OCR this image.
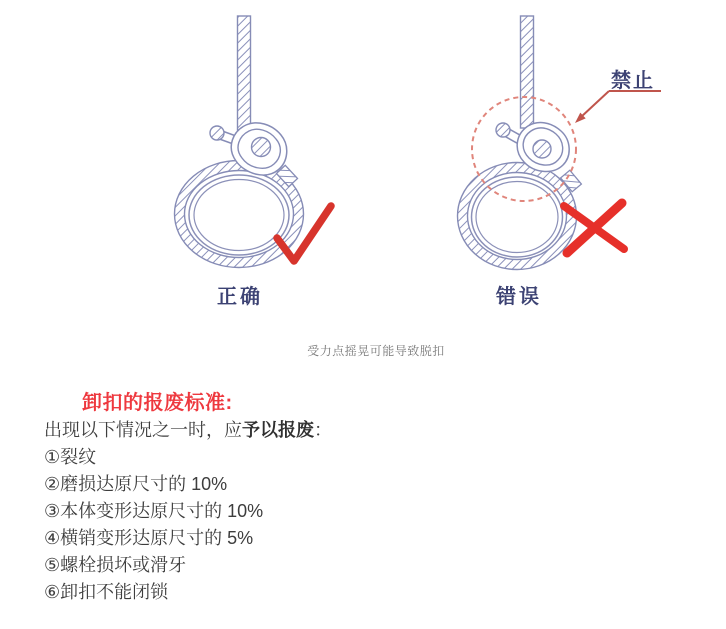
正确	错误
禁止
受力点摇晃可能导致脱扣
卸扣的报废标准:
出现以下情况之一时，应予以报废：
①裂纹
②磨损达原尺寸的 10%
③本体变形达原尺寸的 10%
④横销变形达原尺寸的 5%
⑤螺栓损坏或滑牙
⑥卸扣不能闭锁
